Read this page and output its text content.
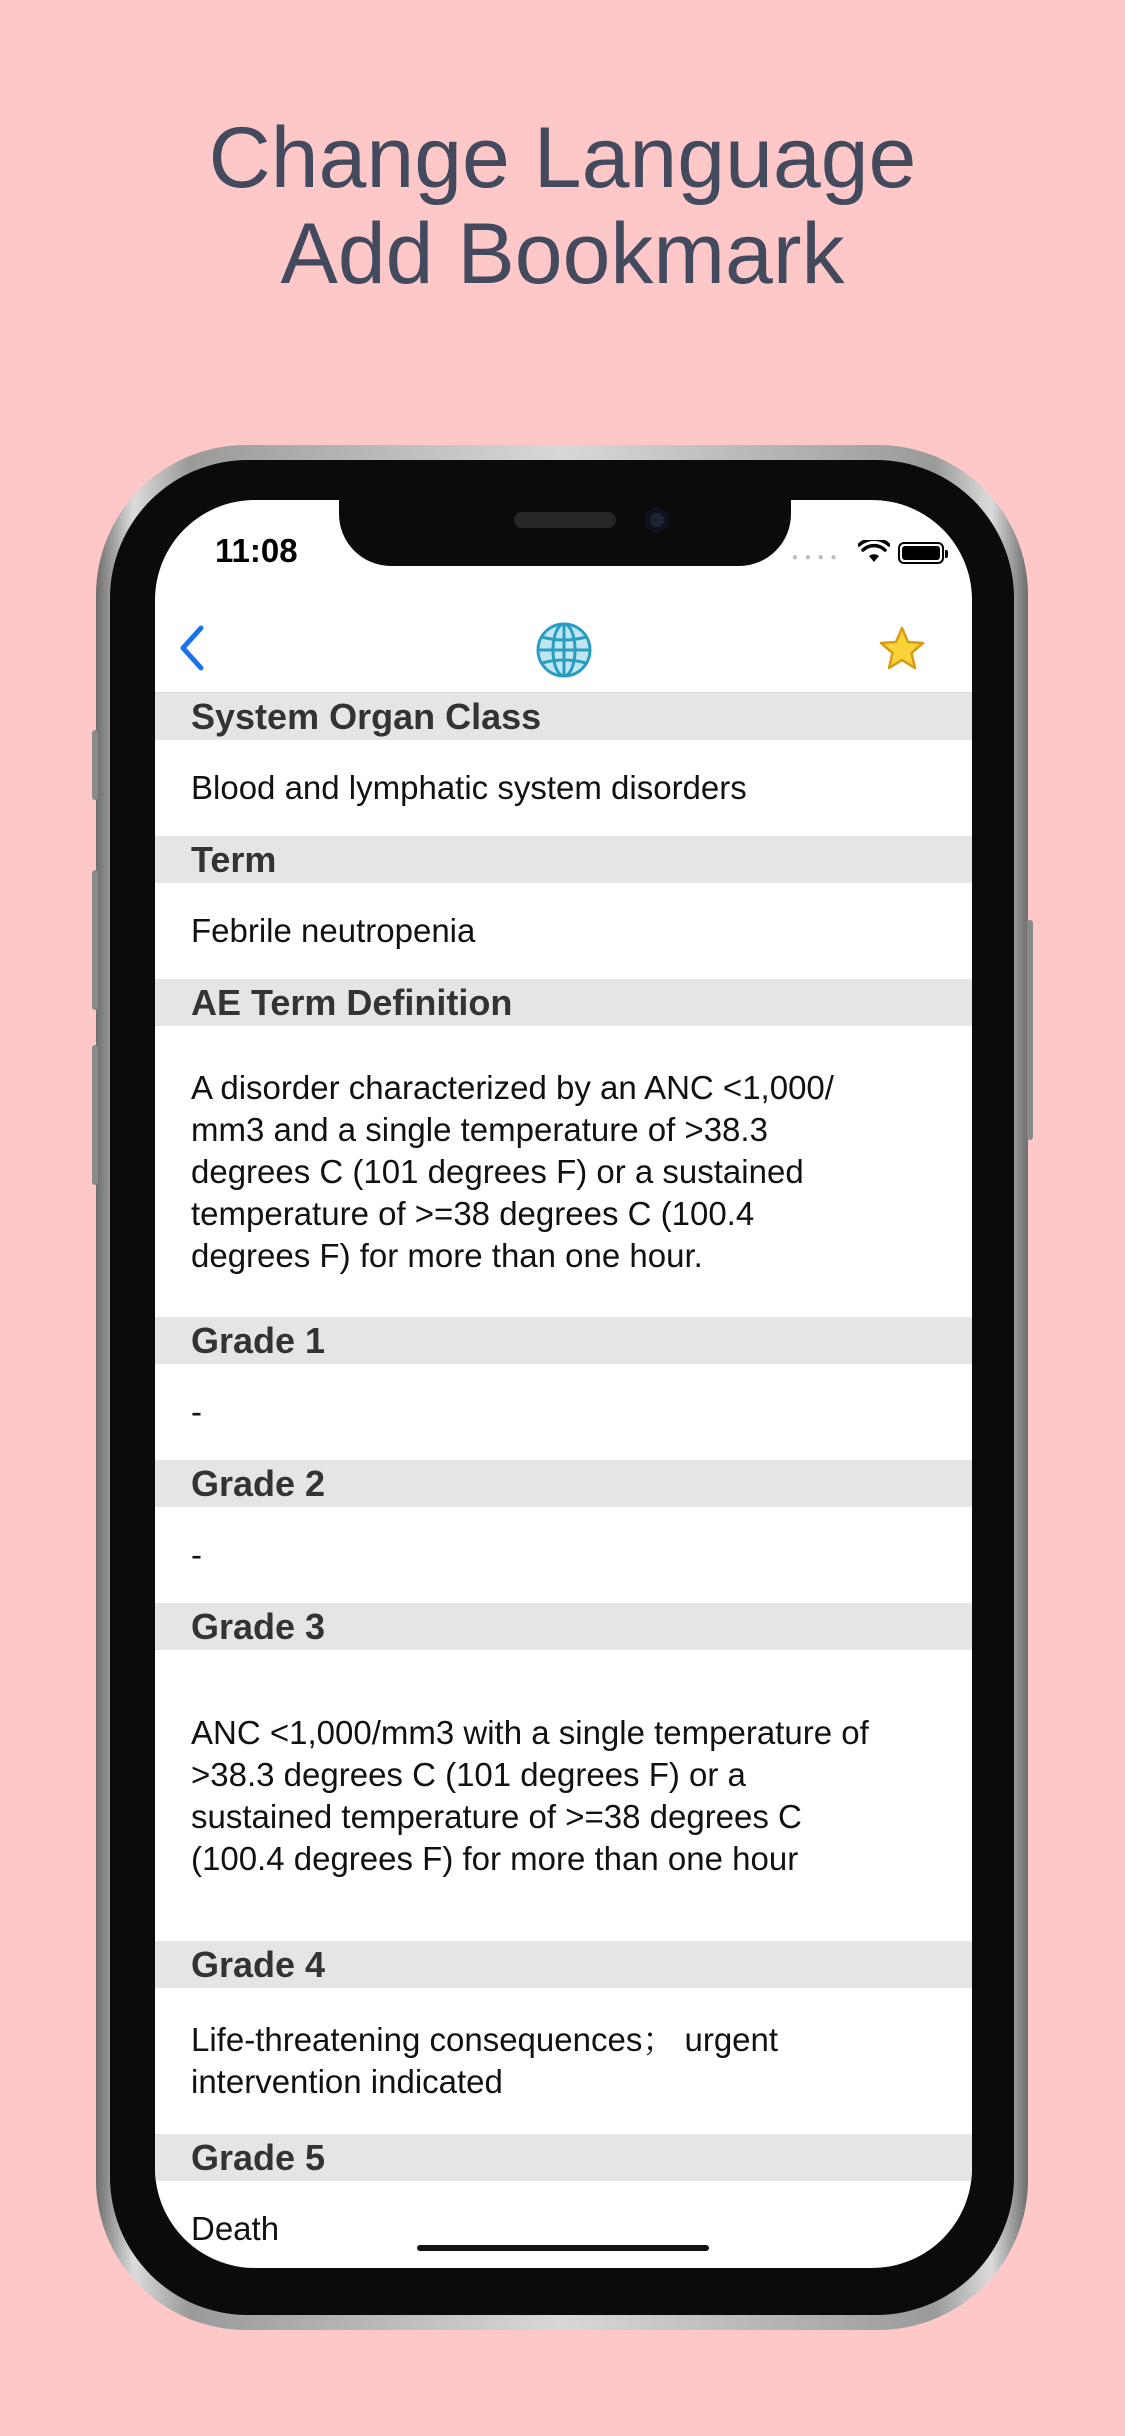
Change Language
Add Bookmark
11:08	● ● ● ●
System Organ Class
Blood and lymphatic system disorders
Term
Febrile neutropenia
AE Term Definition
A disorder characterized by an ANC <1,000/
mm3 and a single temperature of >38.3
degrees C (101 degrees F) or a sustained
temperature of >=38 degrees C (100.4
degrees F) for more than one hour.
Grade 1
-
Grade 2
-
Grade 3
ANC <1,000/mm3 with a single temperature of
>38.3 degrees C (101 degrees F) or a
sustained temperature of >=38 degrees C
(100.4 degrees F) for more than one hour
Grade 4
Life-threatening consequences； urgent
intervention indicated
Grade 5
Death
